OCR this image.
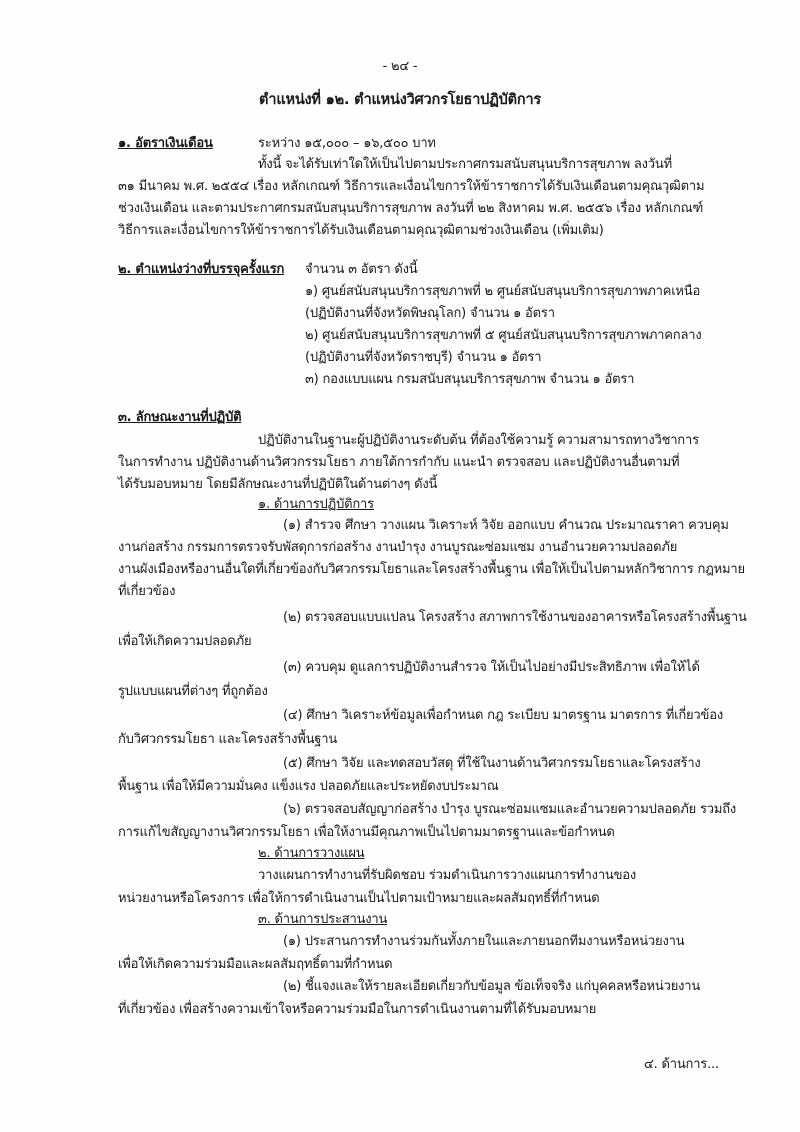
- ๒๔ -
ตำแหน่งที่ ๑๒. ตำแหน่งวิศวกรโยธาปฏิบัติการ
๑. อัตราเงินเดือน	ระหว่าง ๑๕,๐๐๐ – ๑๖,๕๐๐ บาท
ทั้งนี้ จะได้รับเท่าใดให้เป็นไปตามประกาศกรมสนับสนุนบริการสุขภาพ ลงวันที่
๓๑ มีนาคม พ.ศ. ๒๕๕๔ เรื่อง หลักเกณฑ์ วิธีการและเงื่อนไขการให้ข้าราชการได้รับเงินเดือนตามคุณวุฒิตาม
ช่วงเงินเดือน และตามประกาศกรมสนับสนุนบริการสุขภาพ ลงวันที่ ๒๒ สิงหาคม พ.ศ. ๒๕๕๖ เรื่อง หลักเกณฑ์
วิธีการและเงื่อนไขการให้ข้าราชการได้รับเงินเดือนตามคุณวุฒิตามช่วงเงินเดือน (เพิ่มเติม)
๒. ตำแหน่งว่างที่บรรจุครั้งแรก จำนวน ๓ อัตรา ดังนี้
๑) ศูนย์สนับสนุนบริการสุขภาพที่ ๒ ศูนย์สนับสนุนบริการสุขภาพภาคเหนือ
(ปฏิบัติงานที่จังหวัดพิษณุโลก) จำนวน ๑ อัตรา
๒) ศูนย์สนับสนุนบริการสุขภาพที่ ๕ ศูนย์สนับสนุนบริการสุขภาพภาคกลาง
(ปฏิบัติงานที่จังหวัดราชบุรี) จำนวน ๑ อัตรา
๓) กองแบบแผน กรมสนับสนุนบริการสุขภาพ จำนวน ๑ อัตรา
๓. ลักษณะงานที่ปฏิบัติ
ปฏิบัติงานในฐานะผู้ปฏิบัติงานระดับต้น ที่ต้องใช้ความรู้ ความสามารถทางวิชาการ
ในการทำงาน ปฏิบัติงานด้านวิศวกรรมโยธา ภายใต้การกำกับ แนะนำ ตรวจสอบ และปฏิบัติงานอื่นตามที่
ได้รับมอบหมาย โดยมีลักษณะงานที่ปฏิบัติในด้านต่างๆ ดังนี้
๑. ด้านการปฏิบัติการ
(๑) สำรวจ ศึกษา วางแผน วิเคราะห์ วิจัย ออกแบบ คำนวณ ประมาณราคา ควบคุม
งานก่อสร้าง กรรมการตรวจรับพัสดุการก่อสร้าง งานบำรุง งานบูรณะซ่อมแซม งานอำนวยความปลอดภัย
งานผังเมืองหรืองานอื่นใดที่เกี่ยวข้องกับวิศวกรรมโยธาและโครงสร้างพื้นฐาน เพื่อให้เป็นไปตามหลักวิชาการ กฎหมาย
ที่เกี่ยวข้อง
(๒) ตรวจสอบแบบแปลน โครงสร้าง สภาพการใช้งานของอาคารหรือโครงสร้างพื้นฐาน
เพื่อให้เกิดความปลอดภัย
(๓) ควบคุม ดูแลการปฏิบัติงานสำรวจ ให้เป็นไปอย่างมีประสิทธิภาพ เพื่อให้ได้
รูปแบบแผนที่ต่างๆ ที่ถูกต้อง
(๔) ศึกษา วิเคราะห์ข้อมูลเพื่อกำหนด กฎ ระเบียบ มาตรฐาน มาตรการ ที่เกี่ยวข้อง
กับวิศวกรรมโยธา และโครงสร้างพื้นฐาน
(๕) ศึกษา วิจัย และทดสอบวัสดุ ที่ใช้ในงานด้านวิศวกรรมโยธาและโครงสร้าง
พื้นฐาน เพื่อให้มีความมั่นคง แข็งแรง ปลอดภัยและประหยัดงบประมาณ
(๖) ตรวจสอบสัญญาก่อสร้าง บำรุง บูรณะซ่อมแซมและอำนวยความปลอดภัย รวมถึง
การแก้ไขสัญญางานวิศวกรรมโยธา เพื่อให้งานมีคุณภาพเป็นไปตามมาตรฐานและข้อกำหนด
๒. ด้านการวางแผน
วางแผนการทำงานที่รับผิดชอบ ร่วมดำเนินการวางแผนการทำงานของ
หน่วยงานหรือโครงการ เพื่อให้การดำเนินงานเป็นไปตามเป้าหมายและผลสัมฤทธิ์ที่กำหนด
๓. ด้านการประสานงาน
(๑) ประสานการทำงานร่วมกันทั้งภายในและภายนอกทีมงานหรือหน่วยงาน
เพื่อให้เกิดความร่วมมือและผลสัมฤทธิ์ตามที่กำหนด
(๒) ชี้แจงและให้รายละเอียดเกี่ยวกับข้อมูล ข้อเท็จจริง แก่บุคคลหรือหน่วยงาน
ที่เกี่ยวข้อง เพื่อสร้างความเข้าใจหรือความร่วมมือในการดำเนินงานตามที่ได้รับมอบหมาย
๔. ด้านการ...
